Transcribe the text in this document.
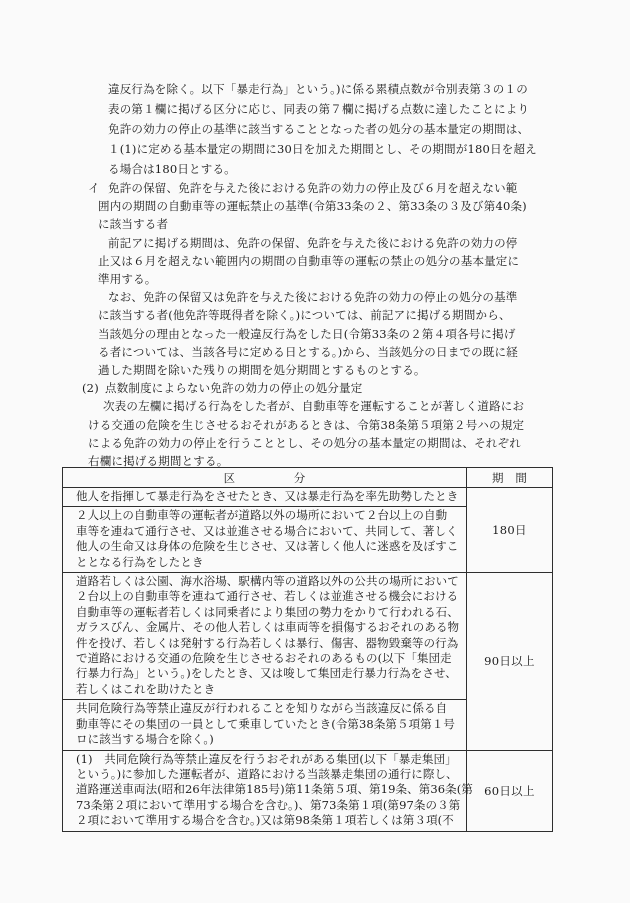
違反行為を除く。以下「暴走行為」という。)に係る累積点数が令別表第３の１の
表の第１欄に掲げる区分に応じ、同表の第７欄に掲げる点数に達したことにより
免許の効力の停止の基準に該当することとなった者の処分の基本量定の期間は、
１(1)に定める基本量定の期間に30日を加えた期間とし、その期間が180日を超え
る場合は180日とする。
イ 免許の保留、免許を与えた後における免許の効力の停止及び６月を超えない範
囲内の期間の自動車等の運転禁止の基準(令第33条の２、第33条の３及び第40条)
に該当する者
前記アに掲げる期間は、免許の保留、免許を与えた後における免許の効力の停
止又は６月を超えない範囲内の期間の自動車等の運転の禁止の処分の基本量定に
準用する。
なお、免許の保留又は免許を与えた後における免許の効力の停止の処分の基準
に該当する者(他免許等既得者を除く。)については、前記アに掲げる期間から、
当該処分の理由となった一般違反行為をした日(令第33条の２第４項各号に掲げ
る者については、当該各号に定める日とする。)から、当該処分の日までの既に経
過した期間を除いた残りの期間を処分期間とするものとする。
(2) 点数制度によらない免許の効力の停止の処分量定
次表の左欄に掲げる行為をした者が、自動車等を運転することが著しく道路にお
ける交通の危険を生じさせるおそれがあるときは、令第38条第５項第２号ハの規定
による免許の効力の停止を行うこととし、その処分の基本量定の期間は、それぞれ
右欄に掲げる期間とする。
区　　　　　分	期　間

他人を指揮して暴走行為をさせたとき、又は暴走行為を率先助勢したとき	180日

２人以上の自動車等の運転者が道路以外の場所において２台以上の自動
車等を連ねて通行させ、又は並進させる場合において、共同して、著しく
他人の生命又は身体の危険を生じさせ、又は著しく他人に迷惑を及ぼすこ
ととなる行為をしたとき	

道路若しくは公園、海水浴場、駅構内等の道路以外の公共の場所において
２台以上の自動車等を連ねて通行させ、若しくは並進させる機会における
自動車等の運転者若しくは同乗者により集団の勢力をかりて行われる石、
ガラスびん、金属片、その他人若しくは車両等を損傷するおそれのある物
件を投げ、若しくは発射する行為若しくは暴行、傷害、器物毀棄等の行為
で道路における交通の危険を生じさせるおそれのあるもの(以下「集団走
行暴力行為」という。)をしたとき、又は唆して集団走行暴力行為をさせ、
若しくはこれを助けたとき
	90日以上

共同危険行為等禁止違反が行われることを知りながら当該違反に係る自
動車等にその集団の一員として乗車していたとき(令第38条第５項第１号
ロに該当する場合を除く。)	

(1)　共同危険行為等禁止違反を行うおそれがある集団(以下「暴走集団」
という。)に参加した運転者が、道路における当該暴走集団の通行に際し、
道路運送車両法(昭和26年法律第185号)第11条第５項、第19条、第36条(第
73条第２項において準用する場合を含む。)、第73条第１項(第97条の３第
２項において準用する場合を含む。)又は第98条第１項若しくは第３項(不	60日以上
